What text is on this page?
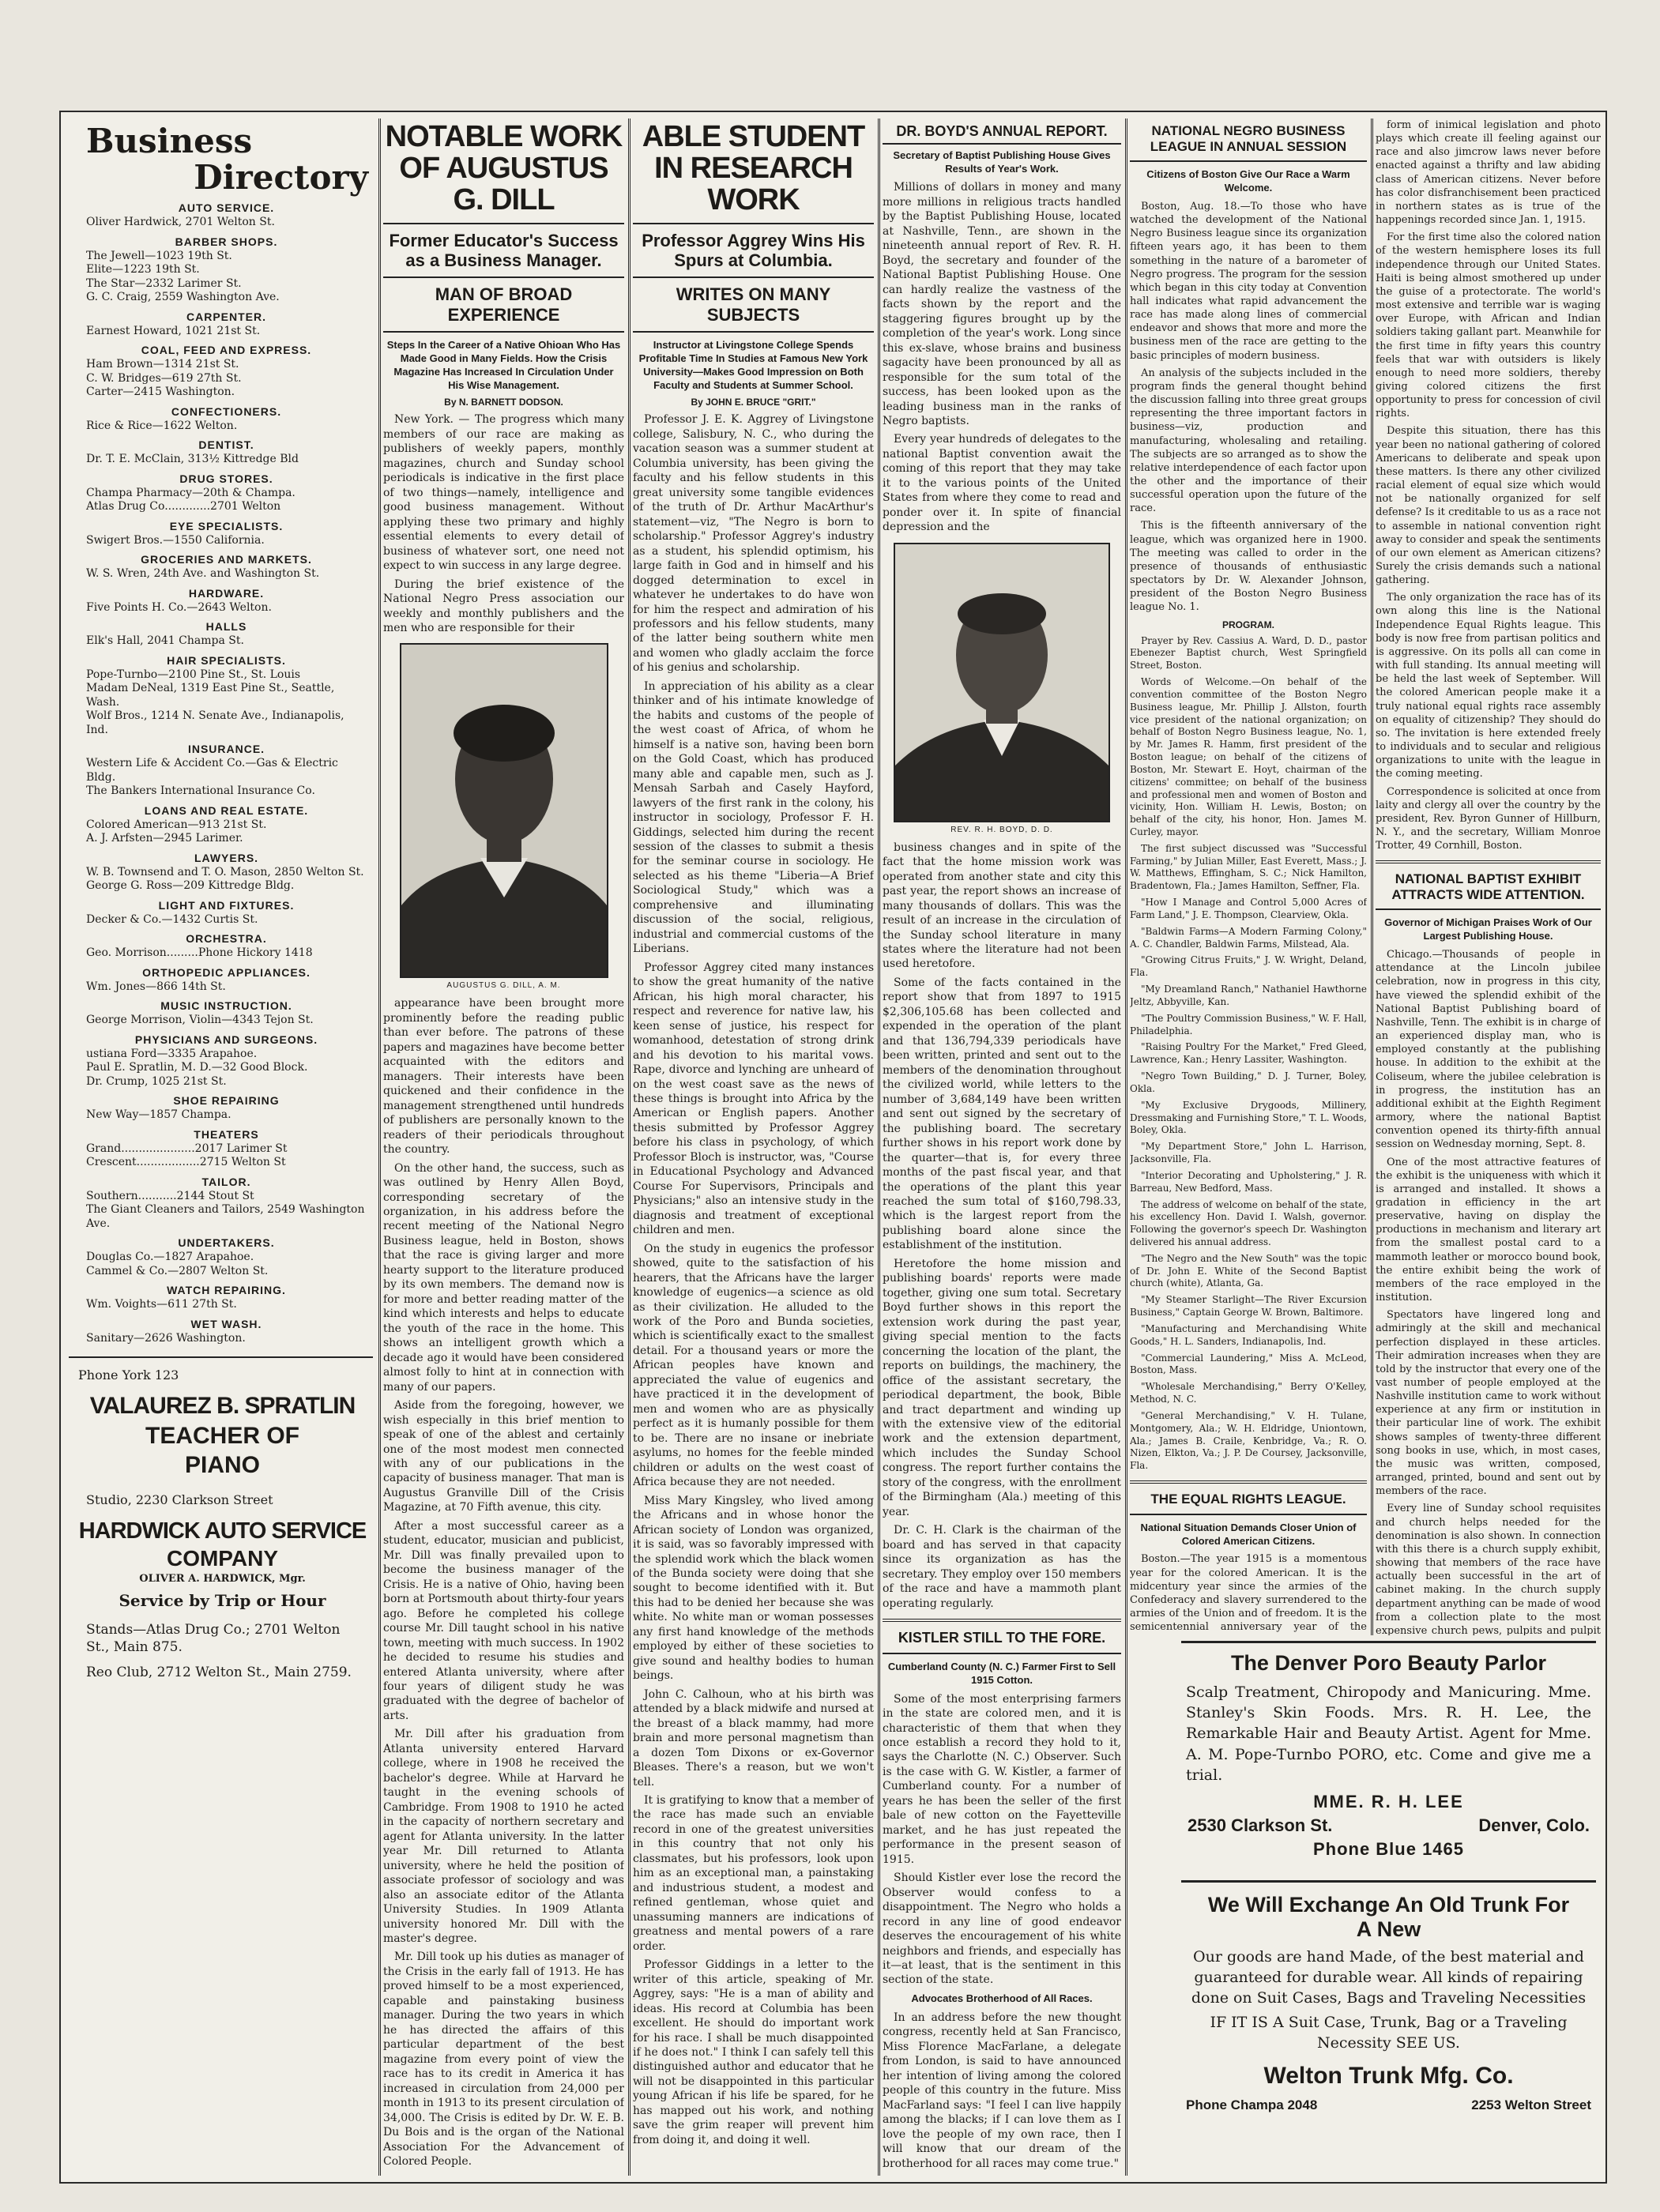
Business
Directory
AUTO SERVICE.
Oliver Hardwick, 2701 Welton St.
BARBER SHOPS.
The Jewell—1023 19th St.
Elite—1223 19th St.
The Star—2332 Larimer St.
G. C. Craig, 2559 Washington Ave.
CARPENTER.
Earnest Howard, 1021 21st St.
COAL, FEED AND EXPRESS.
Ham Brown—1314 21st St.
C. W. Bridges—619 27th St.
Carter—2415 Washington.
CONFECTIONERS.
Rice & Rice—1622 Welton.
DENTIST.
Dr. T. E. McClain, 313½ Kittredge Bld
DRUG STORES.
Champa Pharmacy—20th & Champa.
Atlas Drug Co.............2701 Welton
EYE SPECIALISTS.
Swigert Bros.—1550 California.
GROCERIES AND MARKETS.
W. S. Wren, 24th Ave. and Washington St.
HARDWARE.
Five Points H. Co.—2643 Welton.
HALLS
Elk's Hall, 2041 Champa St.
HAIR SPECIALISTS.
Pope-Turnbo—2100 Pine St., St. Louis
Madam DeNeal, 1319 East Pine St., Seattle, Wash.
Wolf Bros., 1214 N. Senate Ave., Indianapolis, Ind.
INSURANCE.
Western Life & Accident Co.—Gas & Electric Bldg.
The Bankers International Insurance Co.
LOANS AND REAL ESTATE.
Colored American—913 21st St.
A. J. Arfsten—2945 Larimer.
LAWYERS.
W. B. Townsend and T. O. Mason, 2850 Welton St.
George G. Ross—209 Kittredge Bldg.
LIGHT AND FIXTURES.
Decker & Co.—1432 Curtis St.
ORCHESTRA.
Geo. Morrison.........Phone Hickory 1418
ORTHOPEDIC APPLIANCES.
Wm. Jones—866 14th St.
MUSIC INSTRUCTION.
George Morrison, Violin—4343 Tejon St.
PHYSICIANS AND SURGEONS.
ustiana Ford—3335 Arapahoe.
Paul E. Spratlin, M. D.—32 Good Block.
Dr. Crump, 1025 21st St.
SHOE REPAIRING
New Way—1857 Champa.
THEATERS
Grand.....................2017 Larimer St
Crescent..................2715 Welton St
TAILOR.
Southern...........2144 Stout St
The Giant Cleaners and Tailors, 2549 Washington Ave.
UNDERTAKERS.
Douglas Co.—1827 Arapahoe.
Cammel & Co.—2807 Welton St.
WATCH REPAIRING.
Wm. Voights—611 27th St.
WET WASH.
Sanitary—2626 Washington.
Phone York 123
VALAUREZ B. SPRATLIN
TEACHER OF
PIANO
Studio, 2230 Clarkson Street
HARDWICK AUTO SERVICE
COMPANY
OLIVER A. HARDWICK, Mgr.
Service by Trip or Hour
Stands—Atlas Drug Co.; 2701 Welton St., Main 875.
Reo Club, 2712 Welton St., Main 2759.
NOTABLE WORK OF AUGUSTUS G. DILL
Former Educator's Success as a Business Manager.
MAN OF BROAD EXPERIENCE
Steps In the Career of a Native Ohioan Who Has Made Good in Many Fields. How the Crisis Magazine Has Increased In Circulation Under His Wise Management.
By N. BARNETT DODSON.

New York. — The progress which many members of our race are making as publishers of weekly papers, monthly magazines, church and Sunday school periodicals is indicative in the first place of two things—namely, intelligence and good business management. Without applying these two primary and highly essential elements to every detail of business of whatever sort, one need not expect to win success in any large degree.

During the brief existence of the National Negro Press association our weekly and monthly publishers and the men who are responsible for their

AUGUSTUS G. DILL, A. M.

appearance have been brought more prominently before the reading public than ever before. The patrons of these papers and magazines have become better acquainted with the editors and managers. Their interests have been quickened and their confidence in the management strengthened until hundreds of publishers are personally known to the readers of their periodicals throughout the country.

On the other hand, the success, such as was outlined by Henry Allen Boyd, corresponding secretary of the organization, in his address before the recent meeting of the National Negro Business league, held in Boston, shows that the race is giving larger and more hearty support to the literature produced by its own members. The demand now is for more and better reading matter of the kind which interests and helps to educate the youth of the race in the home. This shows an intelligent growth which a decade ago it would have been considered almost folly to hint at in connection with many of our papers.

Aside from the foregoing, however, we wish especially in this brief mention to speak of one of the ablest and certainly one of the most modest men connected with any of our publications in the capacity of business manager. That man is Augustus Granville Dill of the Crisis Magazine, at 70 Fifth avenue, this city.

After a most successful career as a student, educator, musician and publicist, Mr. Dill was finally prevailed upon to become the business manager of the Crisis. He is a native of Ohio, having been born at Portsmouth about thirty-four years ago. Before he completed his college course Mr. Dill taught school in his native town, meeting with much success. In 1902 he decided to resume his studies and entered Atlanta university, where after four years of diligent study he was graduated with the degree of bachelor of arts.

Mr. Dill after his graduation from Atlanta university entered Harvard college, where in 1908 he received the bachelor's degree. While at Harvard he taught in the evening schools of Cambridge. From 1908 to 1910 he acted in the capacity of northern secretary and agent for Atlanta university. In the latter year Mr. Dill returned to Atlanta university, where he held the position of associate professor of sociology and was also an associate editor of the Atlanta University Studies. In 1909 Atlanta university honored Mr. Dill with the master's degree.

Mr. Dill took up his duties as manager of the Crisis in the early fall of 1913. He has proved himself to be a most experienced, capable and painstaking business manager. During the two years in which he has directed the affairs of this particular department of the best magazine from every point of view the race has to its credit in America it has increased in circulation from 24,000 per month in 1913 to its present circulation of 34,000. The Crisis is edited by Dr. W. E. B. Du Bois and is the organ of the National Association For the Advancement of Colored People.

ABLE STUDENT IN RESEARCH WORK
Professor Aggrey Wins His Spurs at Columbia.
WRITES ON MANY SUBJECTS
Instructor at Livingstone College Spends Profitable Time In Studies at Famous New York University—Makes Good Impression on Both Faculty and Students at Summer School.
By JOHN E. BRUCE "GRIT."

Professor J. E. K. Aggrey of Livingstone college, Salisbury, N. C., who during the vacation season was a summer student at Columbia university, has been giving the faculty and his fellow students in this great university some tangible evidences of the truth of Dr. Arthur MacArthur's statement—viz, "The Negro is born to scholarship." Professor Aggrey's industry as a student, his splendid optimism, his large faith in God and in himself and his dogged determination to excel in whatever he undertakes to do have won for him the respect and admiration of his professors and his fellow students, many of the latter being southern white men and women who gladly acclaim the force of his genius and scholarship.

In appreciation of his ability as a clear thinker and of his intimate knowledge of the habits and customs of the people of the west coast of Africa, of whom he himself is a native son, having been born on the Gold Coast, which has produced many able and capable men, such as J. Mensah Sarbah and Casely Hayford, lawyers of the first rank in the colony, his instructor in sociology, Professor F. H. Giddings, selected him during the recent session of the classes to submit a thesis for the seminar course in sociology. He selected as his theme "Liberia—A Brief Sociological Study," which was a comprehensive and illuminating discussion of the social, religious, industrial and commercial customs of the Liberians.

Professor Aggrey cited many instances to show the great humanity of the native African, his high moral character, his respect and reverence for native law, his keen sense of justice, his respect for womanhood, detestation of strong drink and his devotion to his marital vows. Rape, divorce and lynching are unheard of on the west coast save as the news of these things is brought into Africa by the American or English papers. Another thesis submitted by Professor Aggrey before his class in psychology, of which Professor Bloch is instructor, was, "Course in Educational Psychology and Advanced Course For Supervisors, Principals and Physicians;" also an intensive study in the diagnosis and treatment of exceptional children and men.

On the study in eugenics the professor showed, quite to the satisfaction of his hearers, that the Africans have the larger knowledge of eugenics—a science as old as their civilization. He alluded to the work of the Poro and Bunda societies, which is scientifically exact to the smallest detail. For a thousand years or more the African peoples have known and appreciated the value of eugenics and have practiced it in the development of men and women who are as physically perfect as it is humanly possible for them to be. There are no insane or inebriate asylums, no homes for the feeble minded children or adults on the west coast of Africa because they are not needed.

Miss Mary Kingsley, who lived among the Africans and in whose honor the African society of London was organized, it is said, was so favorably impressed with the splendid work which the black women of the Bunda society were doing that she sought to become identified with it. But this had to be denied her because she was white. No white man or woman possesses any first hand knowledge of the methods employed by either of these societies to give sound and healthy bodies to human beings.

John C. Calhoun, who at his birth was attended by a black midwife and nursed at the breast of a black mammy, had more brain and more personal magnetism than a dozen Tom Dixons or ex-Governor Bleases. There's a reason, but we won't tell.

It is gratifying to know that a member of the race has made such an enviable record in one of the greatest universities in this country that not only his classmates, but his professors, look upon him as an exceptional man, a painstaking and industrious student, a modest and refined gentleman, whose quiet and unassuming manners are indications of greatness and mental powers of a rare order.

Professor Giddings in a letter to the writer of this article, speaking of Mr. Aggrey, says: "He is a man of ability and ideas. His record at Columbia has been excellent. He should do important work for his race. I shall be much disappointed if he does not." I think I can safely tell this distinguished author and educator that he will not be disappointed in this particular young African if his life be spared, for he has mapped out his work, and nothing save the grim reaper will prevent him from doing it, and doing it well.

DR. BOYD'S ANNUAL REPORT.
Secretary of Baptist Publishing House Gives Results of Year's Work.

Millions of dollars in money and many more millions in religious tracts handled by the Baptist Publishing House, located at Nashville, Tenn., are shown in the nineteenth annual report of Rev. R. H. Boyd, the secretary and founder of the National Baptist Publishing House. One can hardly realize the vastness of the facts shown by the report and the staggering figures brought up by the completion of the year's work. Long since this ex-slave, whose brains and business sagacity have been pronounced by all as responsible for the sum total of the success, has been looked upon as the leading business man in the ranks of Negro baptists.

Every year hundreds of delegates to the national Baptist convention await the coming of this report that they may take it to the various points of the United States from where they come to read and ponder over it. In spite of financial depression and the

REV. R. H. BOYD, D. D.

business changes and in spite of the fact that the home mission work was operated from another state and city this past year, the report shows an increase of many thousands of dollars. This was the result of an increase in the circulation of the Sunday school literature in many states where the literature had not been used heretofore.

Some of the facts contained in the report show that from 1897 to 1915 $2,306,105.68 has been collected and expended in the operation of the plant and that 136,794,339 periodicals have been written, printed and sent out to the members of the denomination throughout the civilized world, while letters to the number of 3,684,149 have been written and sent out signed by the secretary of the publishing board. The secretary further shows in his report work done by the quarter—that is, for every three months of the past fiscal year, and that the operations of the plant this year reached the sum total of $160,798.33, which is the largest report from the publishing board alone since the establishment of the institution.

Heretofore the home mission and publishing boards' reports were made together, giving one sum total. Secretary Boyd further shows in this report the extension work during the past year, giving special mention to the facts concerning the location of the plant, the reports on buildings, the machinery, the office of the assistant secretary, the periodical department, the book, Bible and tract department and winding up with the extensive view of the editorial work and the extension department, which includes the Sunday School congress. The report further contains the story of the congress, with the enrollment of the Birmingham (Ala.) meeting of this year.

Dr. C. H. Clark is the chairman of the board and has served in that capacity since its organization as has the secretary. They employ over 150 members of the race and have a mammoth plant operating regularly.

KISTLER STILL TO THE FORE.
Cumberland County (N. C.) Farmer First to Sell 1915 Cotton.

Some of the most enterprising farmers in the state are colored men, and it is characteristic of them that when they once establish a record they hold to it, says the Charlotte (N. C.) Observer. Such is the case with G. W. Kistler, a farmer of Cumberland county. For a number of years he has been the seller of the first bale of new cotton on the Fayetteville market, and he has just repeated the performance in the present season of 1915.

Should Kistler ever lose the record the Observer would confess to a disappointment. The Negro who holds a record in any line of good endeavor deserves the encouragement of his white neighbors and friends, and especially has it—at least, that is the sentiment in this section of the state.

Advocates Brotherhood of All Races.

In an address before the new thought congress, recently held at San Francisco, Miss Florence MacFarlane, a delegate from London, is said to have announced her intention of living among the colored people of this country in the future. Miss MacFarland says: "I feel I can live happily among the blacks; if I can love them as I love the people of my own race, then I will know that our dream of the brotherhood for all races may come true."

NATIONAL NEGRO BUSINESS LEAGUE IN ANNUAL SESSION
Citizens of Boston Give Our Race a Warm Welcome.

Boston, Aug. 18.—To those who have watched the development of the National Negro Business league since its organization fifteen years ago, it has been to them something in the nature of a barometer of Negro progress. The program for the session which began in this city today at Convention hall indicates what rapid advancement the race has made along lines of commercial endeavor and shows that more and more the business men of the race are getting to the basic principles of modern business.

An analysis of the subjects included in the program finds the general thought behind the discussion falling into three great groups representing the three important factors in business—viz, production and manufacturing, wholesaling and retailing. The subjects are so arranged as to show the relative interdependence of each factor upon the other and the importance of their successful operation upon the future of the race.

This is the fifteenth anniversary of the league, which was organized here in 1900. The meeting was called to order in the presence of thousands of enthusiastic spectators by Dr. W. Alexander Johnson, president of the Boston Negro Business league No. 1.

PROGRAM.

Prayer by Rev. Cassius A. Ward, D. D., pastor Ebenezer Baptist church, West Springfield Street, Boston.

Words of Welcome.—On behalf of the convention committee of the Boston Negro Business league, Mr. Phillip J. Allston, fourth vice president of the national organization; on behalf of Boston Negro Business league, No. 1, by Mr. James R. Hamm, first president of the Boston league; on behalf of the citizens of Boston, Mr. Stewart E. Hoyt, chairman of the citizens' committee; on behalf of the business and professional men and women of Boston and vicinity, Hon. William H. Lewis, Boston; on behalf of the city, his honor, Hon. James M. Curley, mayor.

The first subject discussed was "Successful Farming," by Julian Miller, East Everett, Mass.; J. W. Matthews, Effingham, S. C.; Nick Hamilton, Bradentown, Fla.; James Hamilton, Seffner, Fla.

"How I Manage and Control 5,000 Acres of Farm Land," J. E. Thompson, Clearview, Okla.

"Baldwin Farms—A Modern Farming Colony," A. C. Chandler, Baldwin Farms, Milstead, Ala.

"Growing Citrus Fruits," J. W. Wright, Deland, Fla.

"My Dreamland Ranch," Nathaniel Hawthorne Jeltz, Abbyville, Kan.

"The Poultry Commission Business," W. F. Hall, Philadelphia.

"Raising Poultry For the Market," Fred Gleed, Lawrence, Kan.; Henry Lassiter, Washington.

"Negro Town Building," D. J. Turner, Boley, Okla.

"My Exclusive Drygoods, Millinery, Dressmaking and Furnishing Store," T. L. Woods, Boley, Okla.

"My Department Store," John L. Harrison, Jacksonville, Fla.

"Interior Decorating and Upholstering," J. R. Barreau, New Bedford, Mass.

The address of welcome on behalf of the state, his excellency Hon. David I. Walsh, governor. Following the governor's speech Dr. Washington delivered his annual address.

"The Negro and the New South" was the topic of Dr. John E. White of the Second Baptist church (white), Atlanta, Ga.

"My Steamer Starlight—The River Excursion Business," Captain George W. Brown, Baltimore.

"Manufacturing and Merchandising White Goods," H. L. Sanders, Indianapolis, Ind.

"Commercial Laundering," Miss A. McLeod, Boston, Mass.

"Wholesale Merchandising," Berry O'Kelley, Method, N. C.

"General Merchandising," V. H. Tulane, Montgomery, Ala.; W. H. Eldridge, Uniontown, Ala.; James B. Craile, Kenbridge, Va.; R. O. Nizen, Elkton, Va.; J. P. De Coursey, Jacksonville, Fla.

THE EQUAL RIGHTS LEAGUE.
National Situation Demands Closer Union of Colored American Citizens.

Boston.—The year 1915 is a momentous year for the colored American. It is the midcentury year since the armies of the Confederacy and slavery surrendered to the armies of the Union and of freedom. It is the semicentennial anniversary year of the

form of inimical legislation and photo plays which create ill feeling against our race and also jimcrow laws never before enacted against a thrifty and law abiding class of American citizens. Never before has color disfranchisement been practiced in northern states as is true of the happenings recorded since Jan. 1, 1915.

For the first time also the colored nation of the western hemisphere loses its full independence through our United States. Haiti is being almost smothered up under the guise of a protectorate. The world's most extensive and terrible war is waging over Europe, with African and Indian soldiers taking gallant part. Meanwhile for the first time in fifty years this country feels that war with outsiders is likely enough to need more soldiers, thereby giving colored citizens the first opportunity to press for concession of civil rights.

Despite this situation, there has this year been no national gathering of colored Americans to deliberate and speak upon these matters. Is there any other civilized racial element of equal size which would not be nationally organized for self defense? Is it creditable to us as a race not to assemble in national convention right away to consider and speak the sentiments of our own element as American citizens? Surely the crisis demands such a national gathering.

The only organization the race has of its own along this line is the National Independence Equal Rights league. This body is now free from partisan politics and is aggressive. On its polls all can come in with full standing. Its annual meeting will be held the last week of September. Will the colored American people make it a truly national equal rights race assembly on equality of citizenship? They should do so. The invitation is here extended freely to individuals and to secular and religious organizations to unite with the league in the coming meeting.

Correspondence is solicited at once from laity and clergy all over the country by the president, Rev. Byron Gunner of Hillburn, N. Y., and the secretary, William Monroe Trotter, 49 Cornhill, Boston.

NATIONAL BAPTIST EXHIBIT ATTRACTS WIDE ATTENTION.
Governor of Michigan Praises Work of Our Largest Publishing House.

Chicago.—Thousands of people in attendance at the Lincoln jubilee celebration, now in progress in this city, have viewed the splendid exhibit of the National Baptist Publishing board of Nashville, Tenn. The exhibit is in charge of an experienced display man, who is employed constantly at the publishing house. In addition to the exhibit at the Coliseum, where the jubilee celebration is in progress, the institution has an additional exhibit at the Eighth Regiment armory, where the national Baptist convention opened its thirty-fifth annual session on Wednesday morning, Sept. 8.

One of the most attractive features of the exhibit is the uniqueness with which it is arranged and installed. It shows a gradation in efficiency in the art preservative, having on display the productions in mechanism and literary art from the smallest postal card to a mammoth leather or morocco bound book, the entire exhibit being the work of members of the race employed in the institution.

Spectators have lingered long and admiringly at the skill and mechanical perfection displayed in these articles. Their admiration increases when they are told by the instructor that every one of the vast number of people employed at the Nashville institution came to work without experience at any firm or institution in their particular line of work. The exhibit shows samples of twenty-three different song books in use, which, in most cases, the music was written, composed, arranged, printed, bound and sent out by members of the race.

Every line of Sunday school requisites and church helps needed for the denomination is also shown. In connection with this there is a church supply exhibit, showing that members of the race have actually been successful in the art of cabinet making. In the church supply department anything can be made of wood from a collection plate to the most expensive church pews, pulpits and pulpit

The Denver Poro Beauty Parlor
Scalp Treatment, Chiropody and Manicuring. Mme. Stanley's Skin Foods. Mrs. R. H. Lee, the Remarkable Hair and Beauty Artist. Agent for Mme. A. M. Pope-Turnbo PORO, etc. Come and give me a trial.
MME. R. H. LEE
2530 Clarkson St.	Denver, Colo.
Phone Blue 1465
We Will Exchange An Old Trunk For
A New
Our goods are hand Made, of the best material and guaranteed for durable wear. All kinds of repairing done on Suit Cases, Bags and Traveling Necessities
IF IT IS A Suit Case, Trunk, Bag or a Traveling Necessity SEE US.
Welton Trunk Mfg. Co.
Phone Champa 2048	2253 Welton Street
